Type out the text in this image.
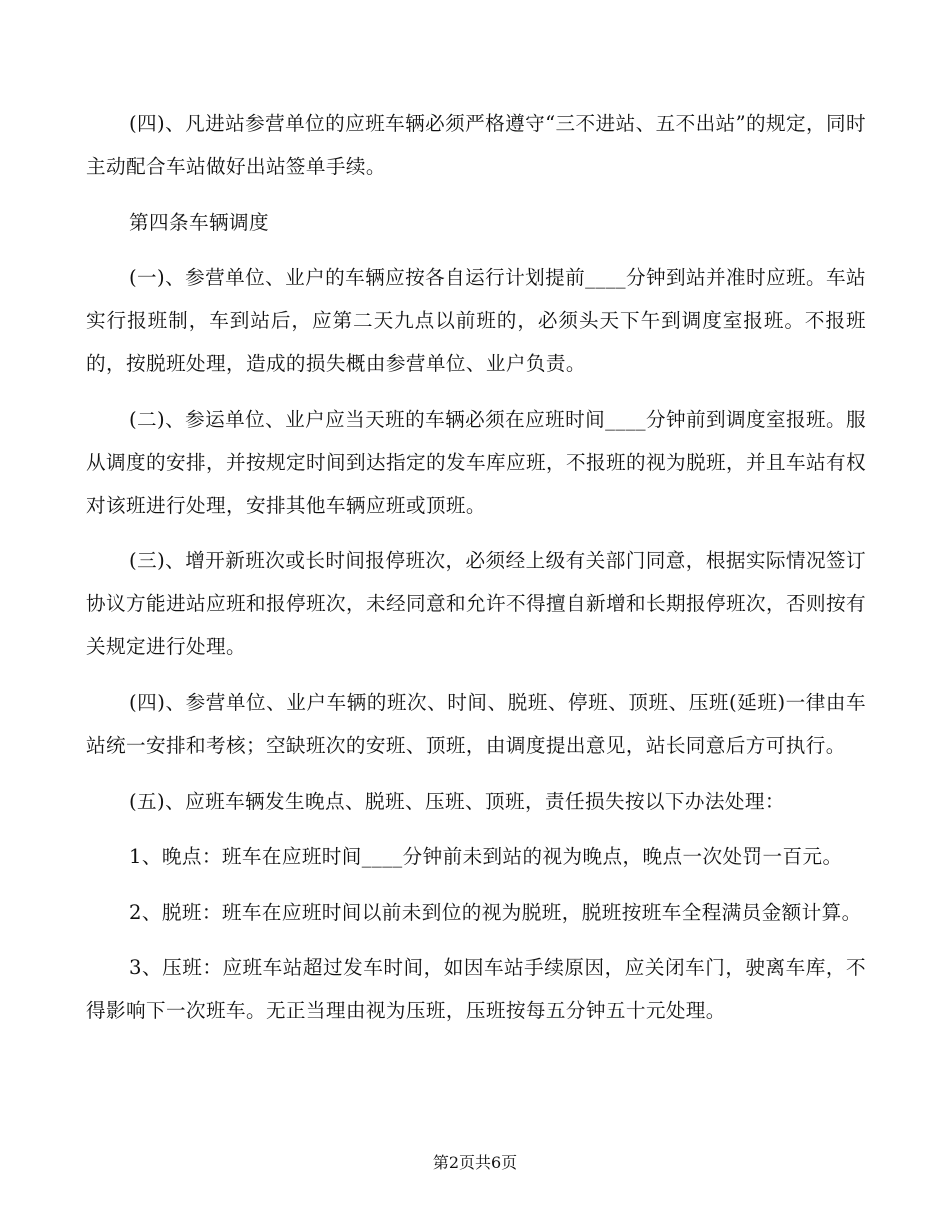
(四)、凡进站参营单位的应班车辆必须严格遵守“三不进站、五不出站”的规定，同时主动配合车站做好出站签单手续。

第四条车辆调度

(一)、参营单位、业户的车辆应按各自运行计划提前____分钟到站并准时应班。车站实行报班制，车到站后，应第二天九点以前班的，必须头天下午到调度室报班。不报班的，按脱班处理，造成的损失概由参营单位、业户负责。

(二)、参运单位、业户应当天班的车辆必须在应班时间____分钟前到调度室报班。服从调度的安排，并按规定时间到达指定的发车库应班，不报班的视为脱班，并且车站有权对该班进行处理，安排其他车辆应班或顶班。

(三)、增开新班次或长时间报停班次，必须经上级有关部门同意，根据实际情况签订协议方能进站应班和报停班次，未经同意和允许不得擅自新增和长期报停班次，否则按有关规定进行处理。

(四)、参营单位、业户车辆的班次、时间、脱班、停班、顶班、压班(延班)一律由车站统一安排和考核；空缺班次的安班、顶班，由调度提出意见，站长同意后方可执行。

(五)、应班车辆发生晚点、脱班、压班、顶班，责任损失按以下办法处理：

1、晚点：班车在应班时间____分钟前未到站的视为晚点，晚点一次处罚一百元。

2、脱班：班车在应班时间以前未到位的视为脱班，脱班按班车全程满员金额计算。

3、压班：应班车站超过发车时间，如因车站手续原因，应关闭车门，驶离车库，不得影响下一次班车。无正当理由视为压班，压班按每五分钟五十元处理。

第2页共6页
